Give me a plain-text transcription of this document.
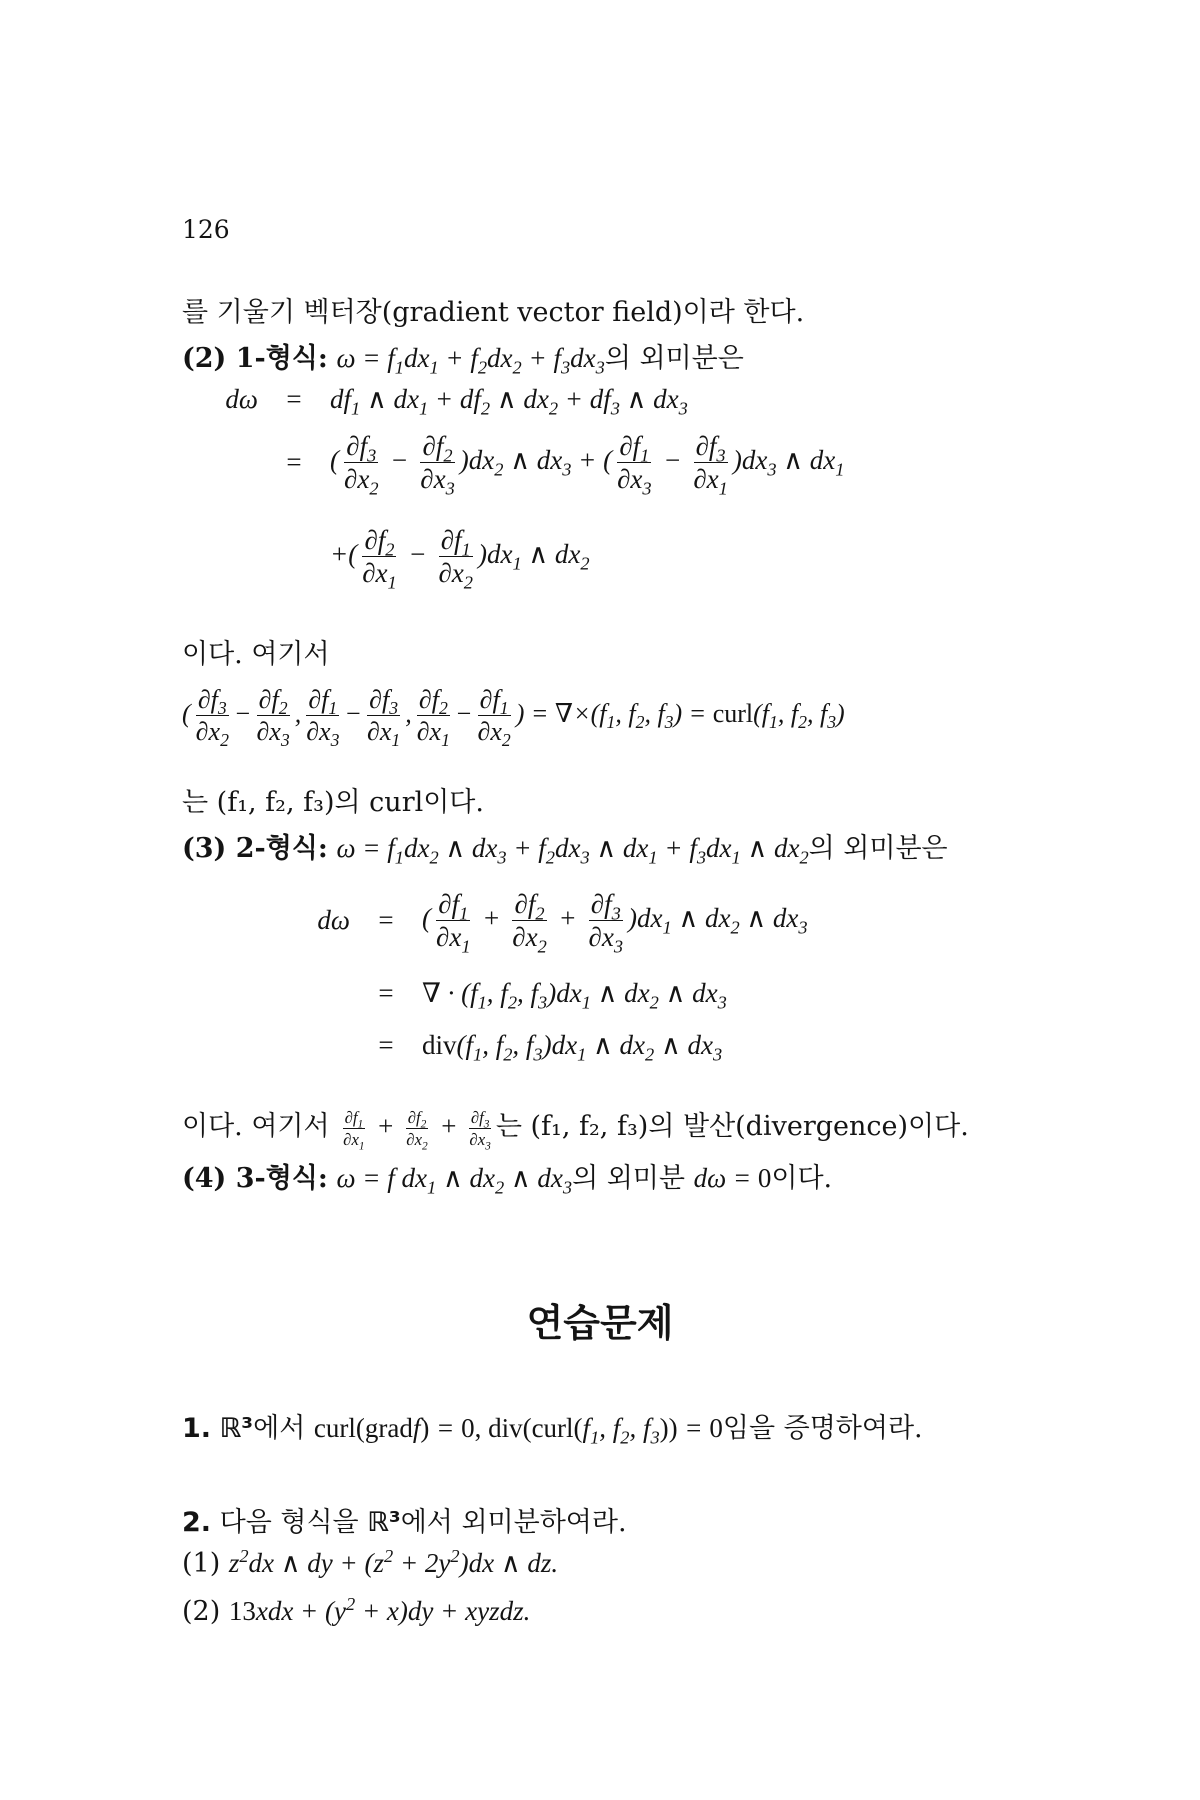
126
를 기울기 벡터장(gradient vector field)이라 한다.
(2) 1-형식: $\omega = f_1dx_1 + f_2dx_2 + f_3dx_3$의 외미분은
dω	=	$df_1$ ∧ $dx_1 + df_2$ ∧ $dx_2 + df_3$ ∧ $dx_3$
=	( $\frac{\partial f_3}{\partial x_2} - \frac{\partial f_2}{\partial x_3} )dx_2$ ∧ $dx_3$ + ( $\frac{\partial f_1}{\partial x_3} - \frac{\partial f_3}{\partial x_1} )dx_3$ ∧ $dx_1$
+( $\frac{\partial f_2}{\partial x_1} - \frac{\partial f_1}{\partial x_2} )dx_1$ ∧ $dx_2$
이다. 여기서
( $\frac{\partial f_3}{\partial x_2} - \frac{\partial f_2}{\partial x_3}$ , $\frac{\partial f_1}{\partial x_3} - \frac{\partial f_3}{\partial x_1}$ , $\frac{\partial f_2}{\partial x_1} - \frac{\partial f_1}{\partial x_2}$ ) = $\nabla\times(f_1$, $f_2$, $f_3$) = $curl(f_1$, $f_2$, $f_3$)
는 (f₁, f₂, f₃)의 curl이다.
(3) 2-형식: $\omega = f_1dx_2$ ∧ $dx_3 + f_2dx_3$ ∧ $dx_1 + f_3dx_1$ ∧ $dx_2$의 외미분은
dω	=	( $\frac{\partial f_1}{\partial x_1} + \frac{\partial f_2}{\partial x_2} + \frac{\partial f_3}{\partial x_3} )dx_1$ ∧ $dx_2$ ∧ $dx_3$
=	∇ · ($f_1$, $f_2$, $f_3)dx_1$ ∧ $dx_2$ ∧ $dx_3$
=	$div(f_1$, $f_2$, $f_3)dx_1$ ∧ $dx_2$ ∧ $dx_3$
이다. 여기서 $\frac{\partial f_1}{\partial x_1} + \frac{\partial f_2}{\partial x_2} + \frac{\partial f_3}{\partial x_3}$ 는 (f₁, f₂, f₃)의 발산(divergence)이다.
(4) 3-형식: ω = f $dx_1$ ∧ $dx_2$ ∧ $dx_3$의 외미분 dω = 0이다.
연습문제
1. ℝ³에서 curl(gradf) = 0, $div(curl(f_1$, $f_2$, $f_3)) = 0$임을 증명하여라.
2. 다음 형식을 ℝ³에서 외미분하여라.
(1) $z^2dx$ ∧ dy + $(z^2 + 2y^2)dx$ ∧ dz.
(2) $13xdx + (y^2 + x)dy$ + xyzdz.
